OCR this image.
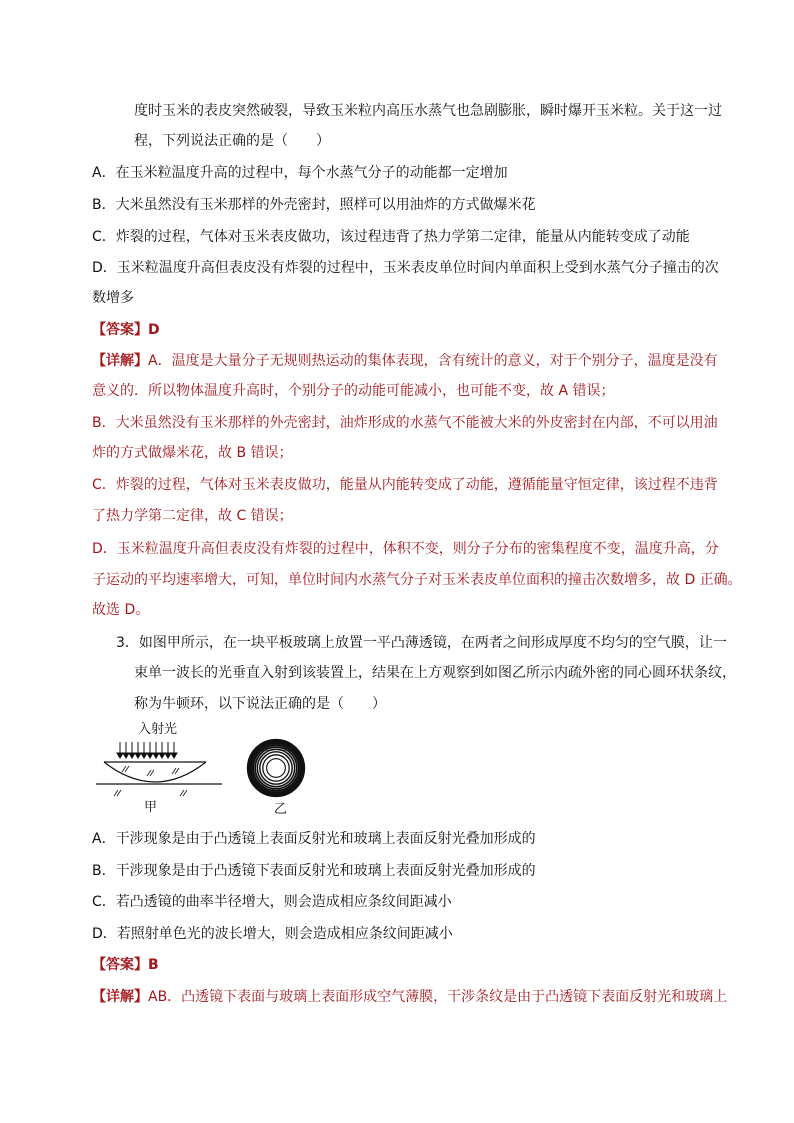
度时玉米的表皮突然破裂，导致玉米粒内高压水蒸气也急剧膨胀，瞬时爆开玉米粒。关于这一过
程，下列说法正确的是（　　）
A．在玉米粒温度升高的过程中，每个水蒸气分子的动能都一定增加
B．大米虽然没有玉米那样的外壳密封，照样可以用油炸的方式做爆米花
C．炸裂的过程，气体对玉米表皮做功，该过程违背了热力学第二定律，能量从内能转变成了动能
D．玉米粒温度升高但表皮没有炸裂的过程中，玉米表皮单位时间内单面积上受到水蒸气分子撞击的次
数增多
【答案】D
【详解】A．温度是大量分子无规则热运动的集体表现，含有统计的意义，对于个别分子，温度是没有
意义的．所以物体温度升高时，个别分子的动能可能减小，也可能不变，故 A 错误；
B．大米虽然没有玉米那样的外壳密封，油炸形成的水蒸气不能被大米的外皮密封在内部，不可以用油
炸的方式做爆米花，故 B 错误；
C．炸裂的过程，气体对玉米表皮做功，能量从内能转变成了动能，遵循能量守恒定律，该过程不违背
了热力学第二定律，故 C 错误；
D．玉米粒温度升高但表皮没有炸裂的过程中，体积不变，则分子分布的密集程度不变，温度升高，分
子运动的平均速率增大，可知，单位时间内水蒸气分子对玉米表皮单位面积的撞击次数增多，故 D 正确。
故选 D。
3．如图甲所示，在一块平板玻璃上放置一平凸薄透镜，在两者之间形成厚度不均匀的空气膜，让一
束单一波长的光垂直入射到该装置上，结果在上方观察到如图乙所示内疏外密的同心圆环状条纹，
称为牛顿环，以下说法正确的是（　　）
入射光
甲	乙
A．干涉现象是由于凸透镜上表面反射光和玻璃上表面反射光叠加形成的
B．干涉现象是由于凸透镜下表面反射光和玻璃上表面反射光叠加形成的
C．若凸透镜的曲率半径增大，则会造成相应条纹间距减小
D．若照射单色光的波长增大，则会造成相应条纹间距减小
【答案】B
【详解】AB．凸透镜下表面与玻璃上表面形成空气薄膜，干涉条纹是由于凸透镜下表面反射光和玻璃上
